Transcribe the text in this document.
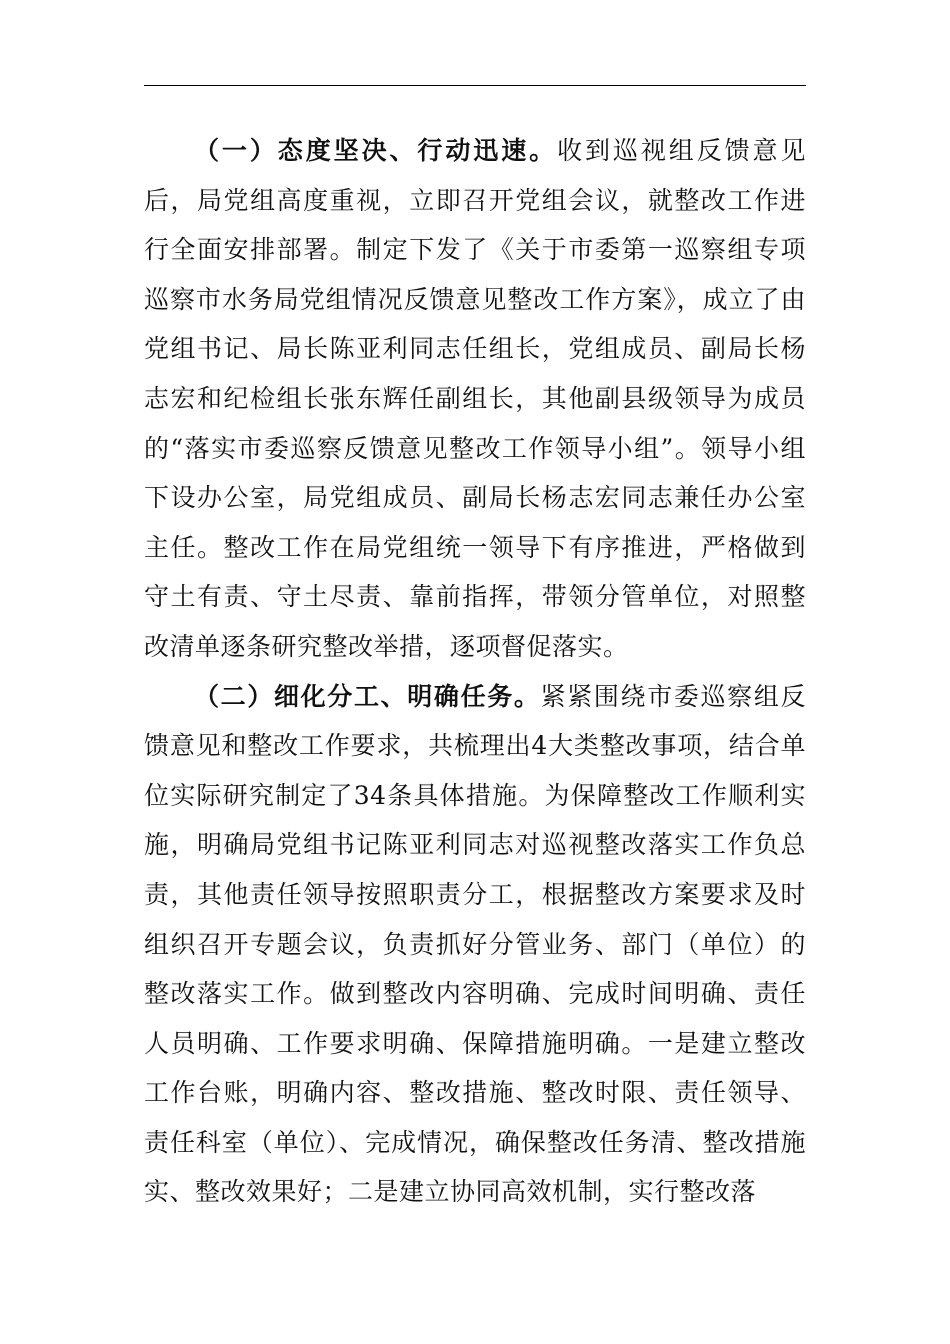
（一）态度坚决、行动迅速。收到巡视组反馈意见后，局党组高度重视，立即召开党组会议，就整改工作进行全面安排部署。制定下发了《关于市委第一巡察组专项巡察市水务局党组情况反馈意见整改工作方案》，成立了由党组书记、局长陈亚利同志任组长，党组成员、副局长杨志宏和纪检组长张东辉任副组长，其他副县级领导为成员的“落实市委巡察反馈意见整改工作领导小组”。领导小组下设办公室，局党组成员、副局长杨志宏同志兼任办公室主任。整改工作在局党组统一领导下有序推进，严格做到守土有责、守土尽责、靠前指挥，带领分管单位，对照整改清单逐条研究整改举措，逐项督促落实。

（二）细化分工、明确任务。紧紧围绕市委巡察组反馈意见和整改工作要求，共梳理出4大类整改事项，结合单位实际研究制定了34条具体措施。为保障整改工作顺利实施，明确局党组书记陈亚利同志对巡视整改落实工作负总责，其他责任领导按照职责分工，根据整改方案要求及时组织召开专题会议，负责抓好分管业务、部门（单位）的整改落实工作。做到整改内容明确、完成时间明确、责任人员明确、工作要求明确、保障措施明确。一是建立整改工作台账，明确内容、整改措施、整改时限、责任领导、责任科室（单位）、完成情况，确保整改任务清、整改措施实、整改效果好；二是建立协同高效机制，实行整改落
